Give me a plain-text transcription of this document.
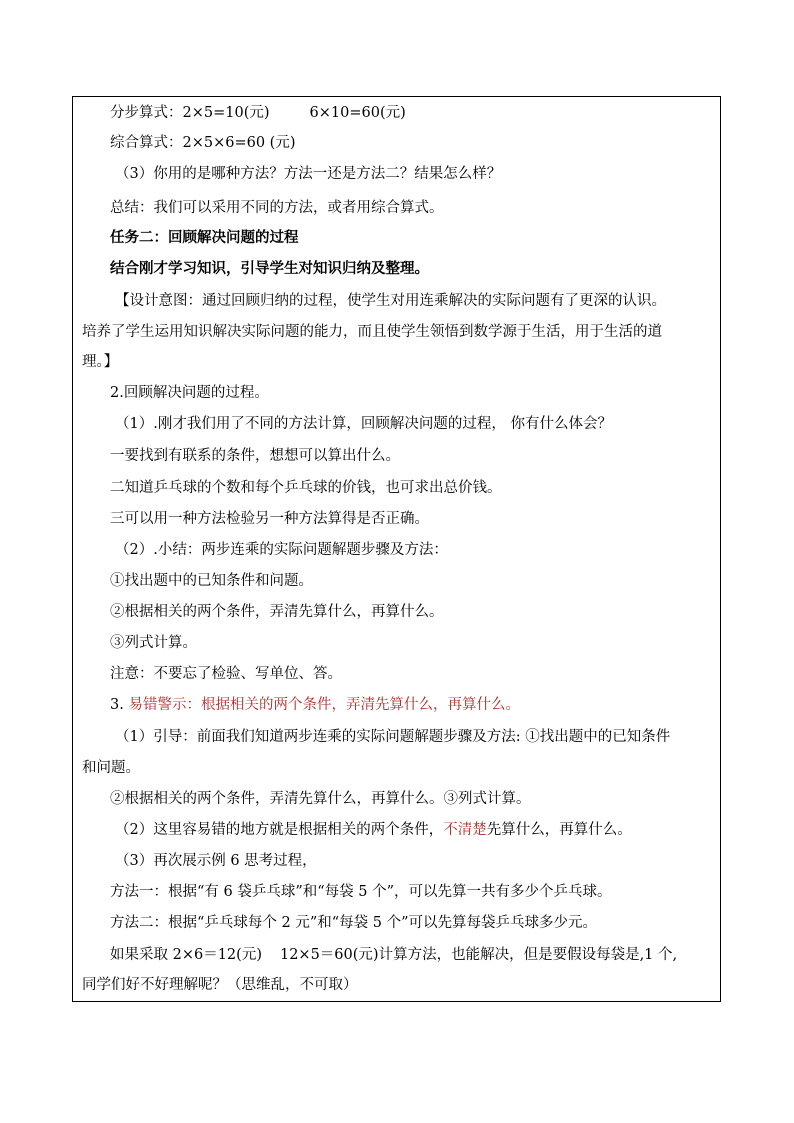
分步算式：2×5=10(元)	6×10=60(元)
综合算式：2×5×6=60 (元)
（3）你用的是哪种方法？方法一还是方法二？结果怎么样？
总结：我们可以采用不同的方法，或者用综合算式。
任务二：回顾解决问题的过程
结合刚才学习知识，引导学生对知识归纳及整理。
【设计意图：通过回顾归纳的过程，使学生对用连乘解决的实际问题有了更深的认识。
培养了学生运用知识解决实际问题的能力，而且使学生领悟到数学源于生活，用于生活的道
理。】
2.回顾解决问题的过程。
（1）.刚才我们用了不同的方法计算，回顾解决问题的过程， 你有什么体会？
一要找到有联系的条件，想想可以算出什么。
二知道乒乓球的个数和每个乒乓球的价钱，也可求出总价钱。
三可以用一种方法检验另一种方法算得是否正确。
（2）.小结：两步连乘的实际问题解题步骤及方法：
①找出题中的已知条件和问题。
②根据相关的两个条件，弄清先算什么，再算什么。
③列式计算。
注意：不要忘了检验、写单位、答。
3. 易错警示：根据相关的两个条件，弄清先算什么，再算什么。
（1）引导：前面我们知道两步连乘的实际问题解题步骤及方法: ①找出题中的已知条件
和问题。
②根据相关的两个条件，弄清先算什么，再算什么。③列式计算。
（2）这里容易错的地方就是根据相关的两个条件，不清楚先算什么，再算什么。
（3）再次展示例 6 思考过程，
方法一：根据“有 6 袋乒乓球”和“每袋 5 个”，可以先算一共有多少个乒乓球。
方法二：根据“乒乓球每个 2 元”和“每袋 5 个”可以先算每袋乒乓球多少元。
如果采取 2×6＝12(元) 12×5＝60(元)计算方法，也能解决，但是要假设每袋是,1 个,
同学们好不好理解呢？（思维乱，不可取）
